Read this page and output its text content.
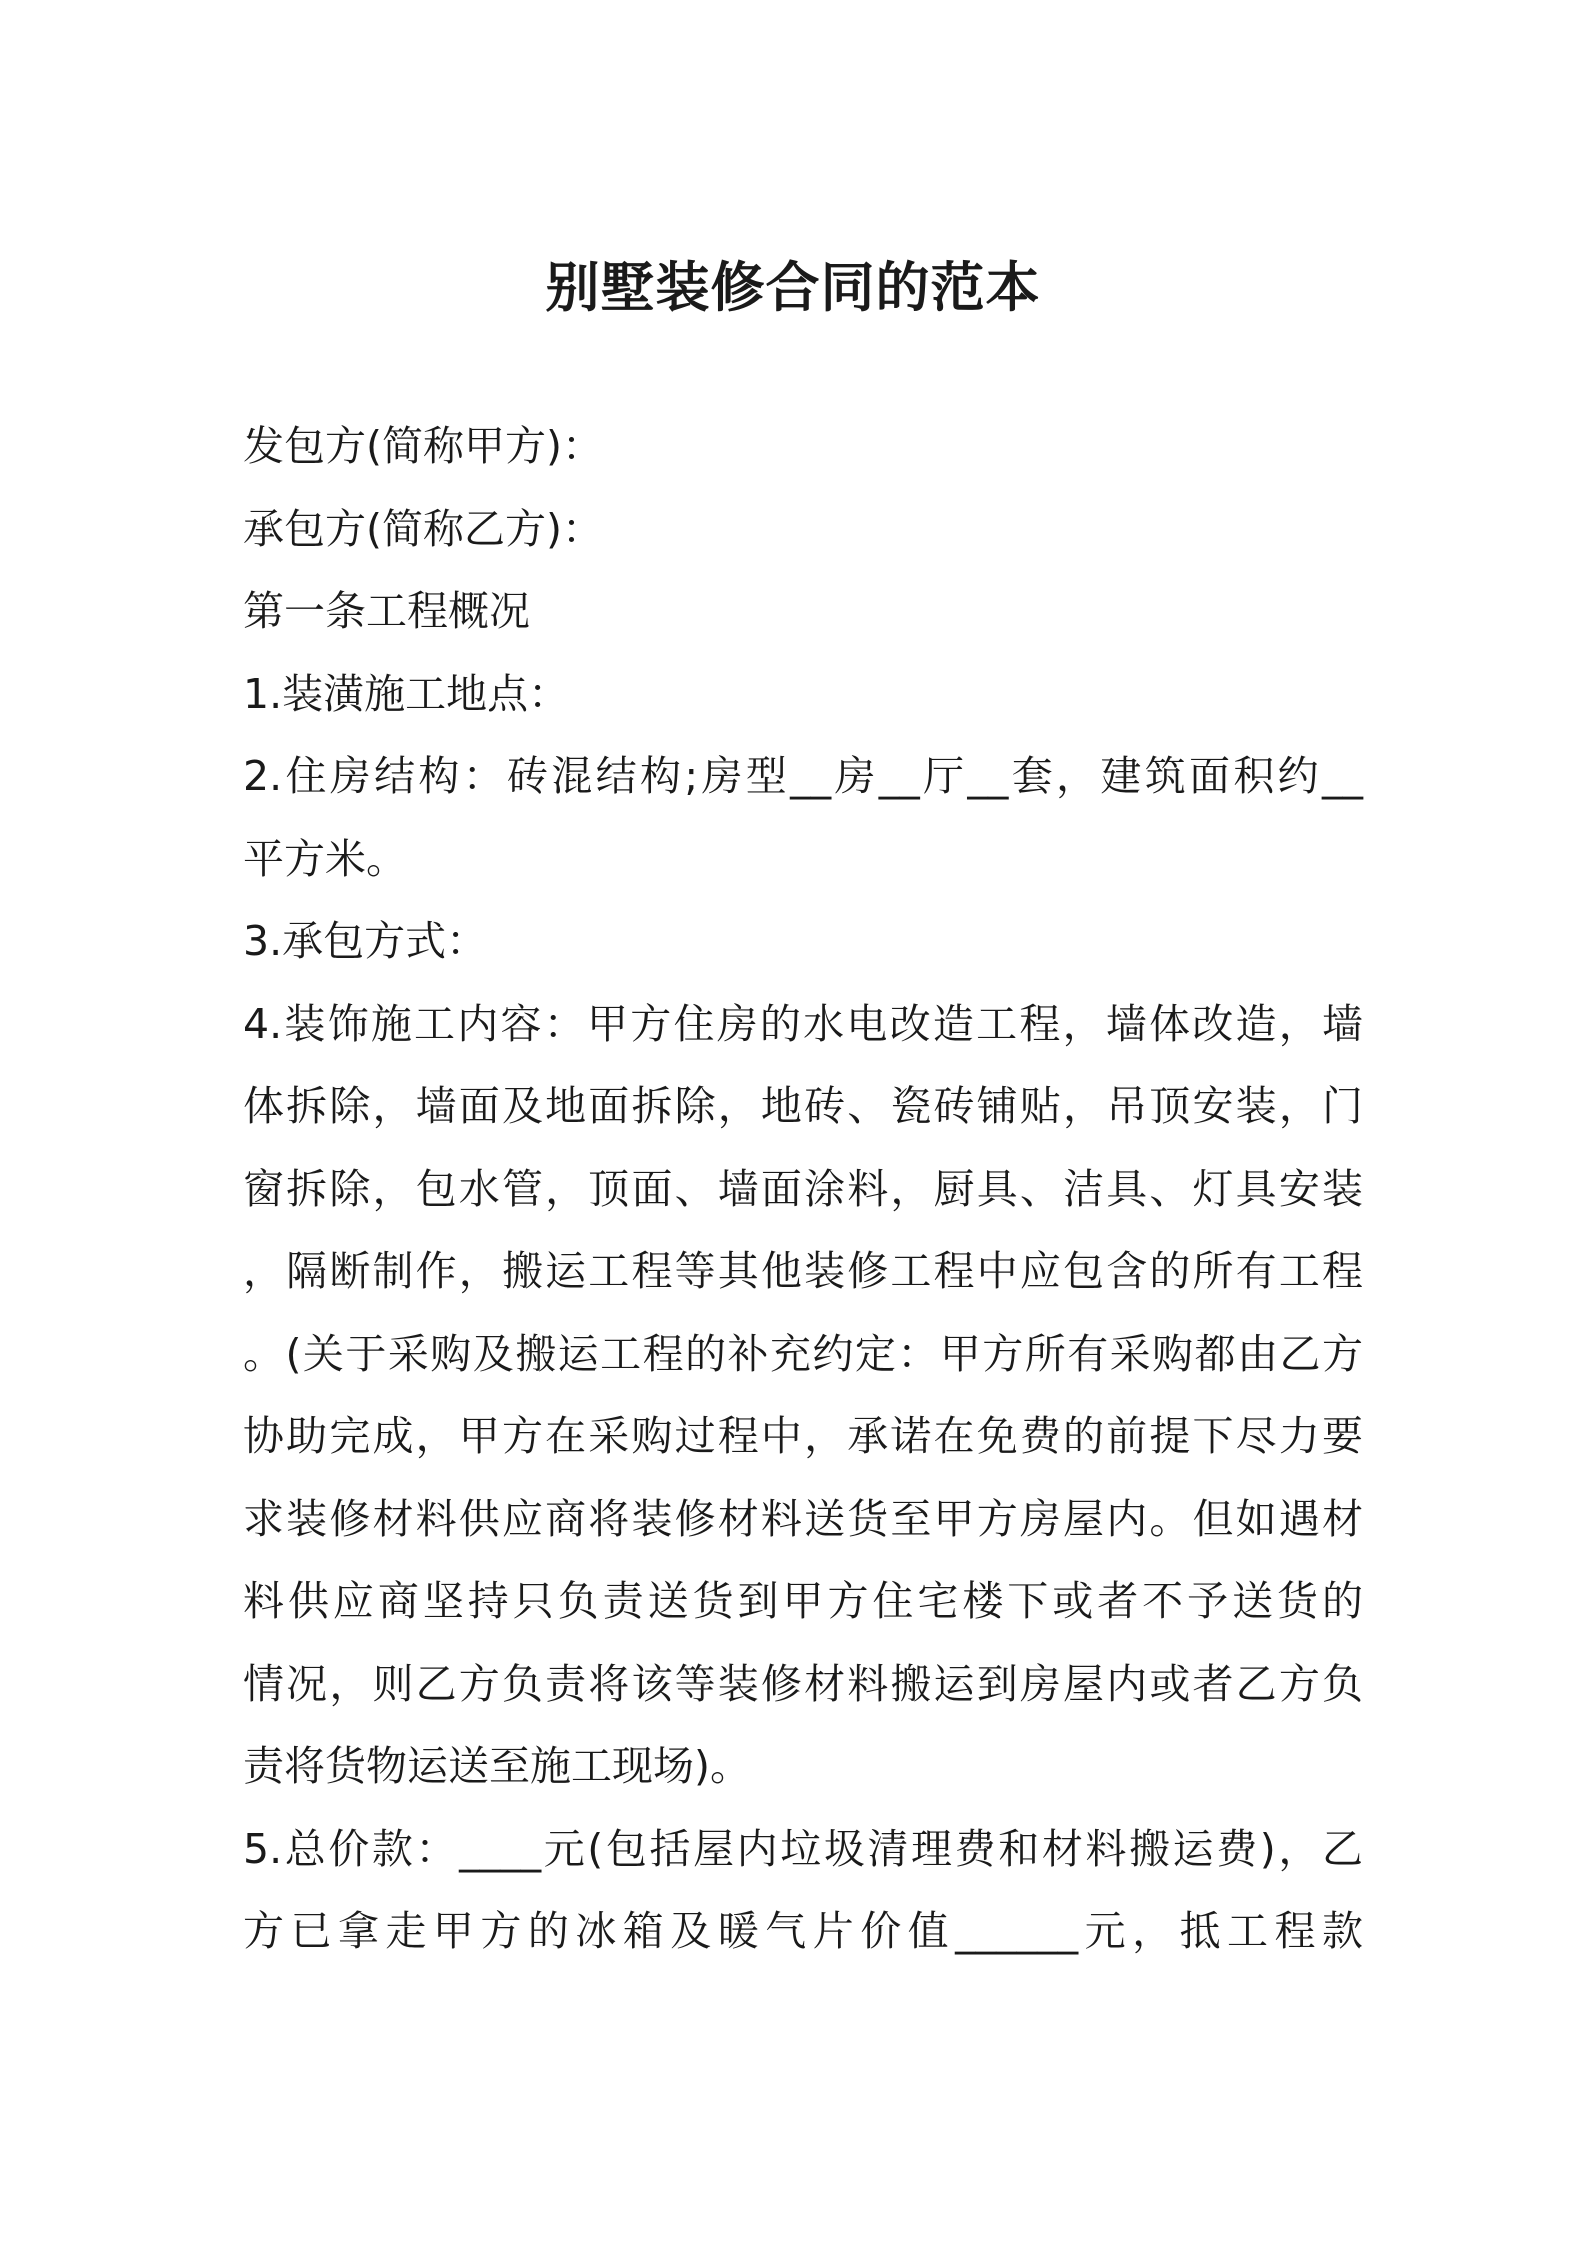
别墅装修合同的范本

发包方(简称甲方)：

承包方(简称乙方)：

第一条工程概况

1.装潢施工地点：

2.住房结构：砖混结构;房型__房__厅__套，建筑面积约__

平方米。

3.承包方式：

4.装饰施工内容：甲方住房的水电改造工程，墙体改造，墙

体拆除，墙面及地面拆除，地砖、瓷砖铺贴，吊顶安装，门

窗拆除，包水管，顶面、墙面涂料，厨具、洁具、灯具安装

，隔断制作，搬运工程等其他装修工程中应包含的所有工程

。(关于采购及搬运工程的补充约定：甲方所有采购都由乙方

协助完成，甲方在采购过程中，承诺在免费的前提下尽力要

求装修材料供应商将装修材料送货至甲方房屋内。但如遇材

料供应商坚持只负责送货到甲方住宅楼下或者不予送货的

情况，则乙方负责将该等装修材料搬运到房屋内或者乙方负

责将货物运送至施工现场)。

5.总价款：____元(包括屋内垃圾清理费和材料搬运费)，乙

方已拿走甲方的冰箱及暖气片价值______元，抵工程款
